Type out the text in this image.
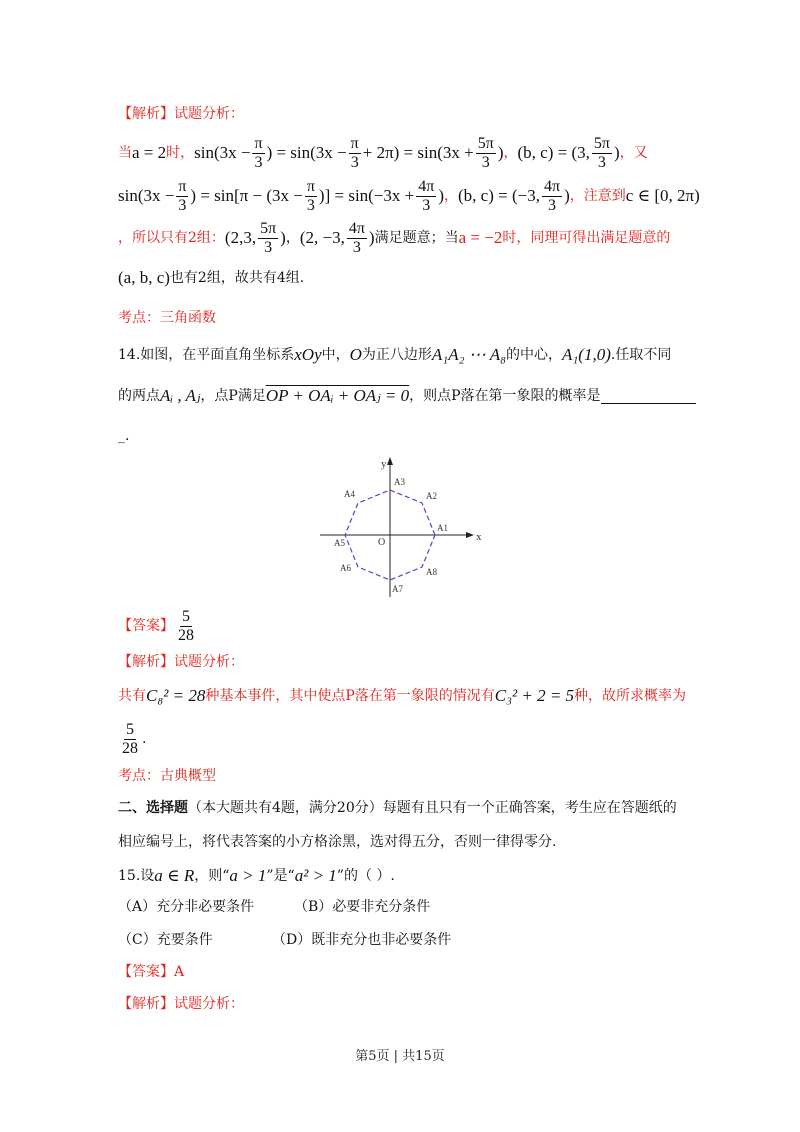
【解析】试题分析：
当 a = 2 时， $\sin(3x - \frac{\pi}{3}$ ) = $\sin(3x - \frac{\pi}{3} + 2\pi) = \sin(3x + \frac{5\pi}{3}$ ) ， (b, c) = (3, $\frac{5\pi}{3}$ ) ，又
$\sin(3x - \frac{\pi}{3}$ ) = $\sin[\pi - (3x - \frac{\pi}{3}$ )] = $\sin(-3x + \frac{4\pi}{3}$ ) ， (b, c) = (−3, $\frac{4\pi}{3}$ ) ，注意到 c ∈ [0, 2π)
，所以只有2组： (2,3, $\frac{5\pi}{3}$ ) ， (2, −3, $\frac{4\pi}{3}$ ) 满足题意；当 a = −2 时，同理可得出满足题意的
(a, b, c) 也有2组，故共有4组.
考点：三角函数
14.如图，在平面直角坐标系 xOy 中， O 为正八边形 A₁A₂ ⋯ A₈ 的中心， A₁(1,0) .任取不同
的两点 Aᵢ , Aⱼ ，点P满足 OP + OAᵢ + OAⱼ = 0 ，则点P落在第一象限的概率是
_.
x
y
O
A1
A2
A3
A4
A5
A6
A7
A8
【答案】 $\frac{5}{28}$
【解析】试题分析：
共有 C₈² = 28 种基本事件，其中使点P落在第一象限的情况有 C₃² + 2 = 5 种，故所求概率为
$\frac{5}{28}$ .
考点：古典概型
二、选择题（本大题共有4题，满分20分）每题有且只有一个正确答案，考生应在答题纸的
相应编号上，将代表答案的小方格涂黑，选对得五分，否则一律得零分.
15.设 a ∈ R ，则“ a > 1 ”是“ a² > 1 ”的（ ）.
（A）充分非必要条件	（B）必要非充分条件
（C）充要条件	（D）既非充分也非必要条件
【答案】A
【解析】试题分析：
第5页 | 共15页
